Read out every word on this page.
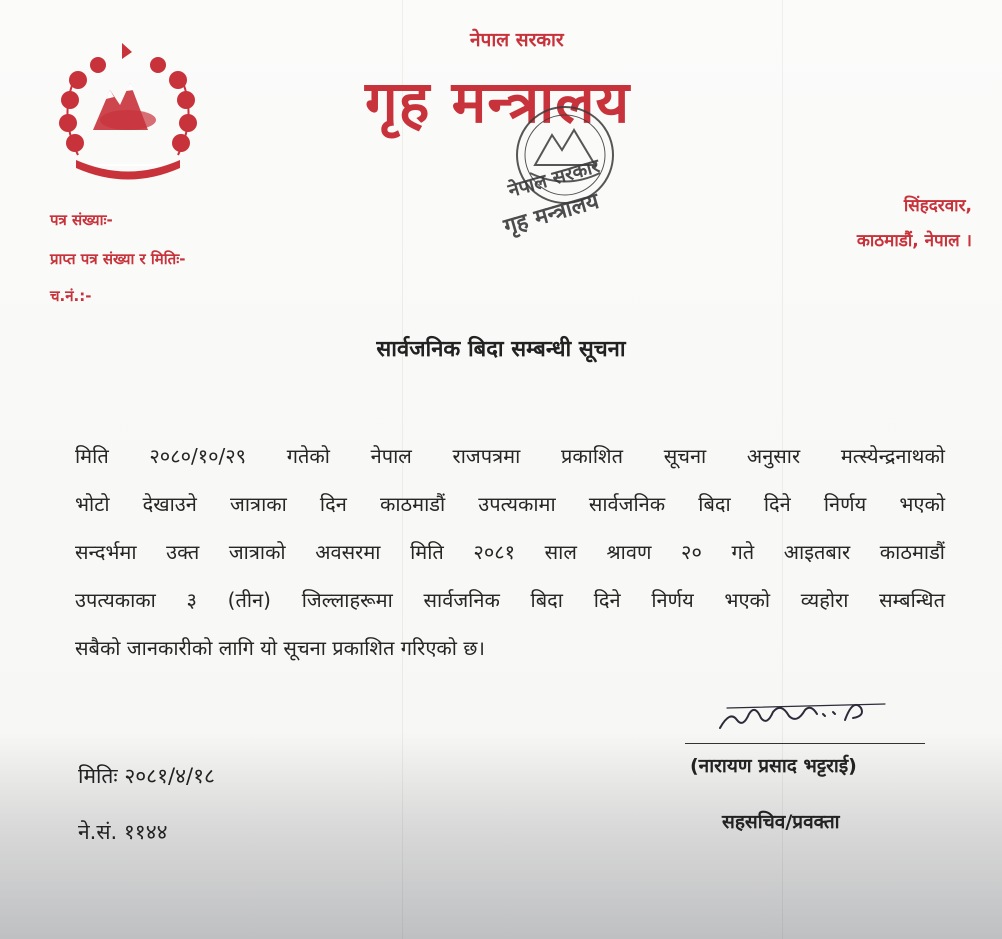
नेपाल सरकार
गृह मन्त्रालय
नेपाल सरकार
गृह मन्त्रालय
पत्र संख्याः-
प्राप्त पत्र संख्या र मितिः-
च.नं.:-
सिंहदरवार,
काठमाडौं, नेपाल ।
सार्वजनिक बिदा सम्बन्धी सूचना
मिति २०८०/१०/२९ गतेको नेपाल राजपत्रमा प्रकाशित सूचना अनुसार मत्स्येन्द्रनाथको
भोटो देखाउने जात्राका दिन काठमाडौं उपत्यकामा सार्वजनिक बिदा दिने निर्णय भएको
सन्दर्भमा उक्त जात्राको अवसरमा मिति २०८१ साल श्रावण २० गते आइतबार काठमाडौं
उपत्यकाका ३ (तीन) जिल्लाहरूमा सार्वजनिक बिदा दिने निर्णय भएको व्यहोरा सम्बन्धित
सबैको जानकारीको लागि यो सूचना प्रकाशित गरिएको छ।
(नारायण प्रसाद भट्टराई)
सहसचिव/प्रवक्ता
मितिः २०८१/४/१८
ने.सं. ११४४
